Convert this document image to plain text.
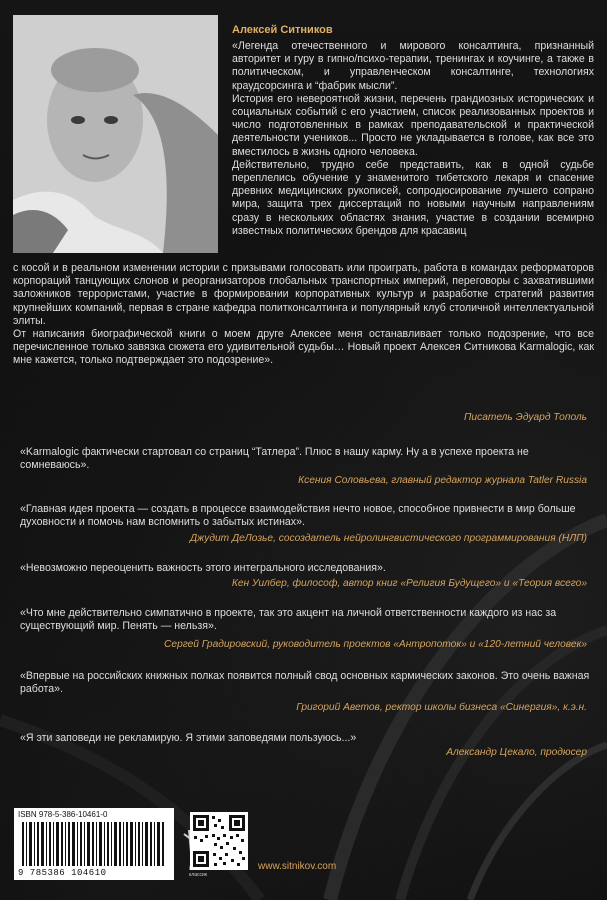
Алексей Ситников

«Легенда отечественного и мирового консалтинга, признанный авторитет и гуру в гипно/психо-терапии, тренингах и коучинге, а также в политическом, и управленческом консалтинге, технологиях краудсорсинга и “фабрик мысли”.

История его невероятной жизни, перечень грандиозных исторических и социальных событий с его участием, список реализованных проектов и число подготовленных в рамках преподавательской и практической деятельности учеников... Просто не укладывается в голове, как все это вместилось в жизнь одного человека.

Действительно, трудно себе представить, как в одной судьбе переплелись обучение у знаменитого тибетского лекаря и спасение древних медицинских рукописей, сопродюсирование лучшего сопрано мира, защита трех диссертаций по новыми научным направлениям сразу в нескольких областях знания, участие в создании всемирно известных политических брендов для красавиц

с косой и в реальном изменении истории с призывами голосовать или проиграть, работа в командах реформаторов корпораций танцующих слонов и реорганизаторов глобальных транспортных империй, переговоры с захватившими заложников террористами, участие в формировании корпоративных культур и разработке стратегий развития крупнейших компаний, первая в стране кафедра политконсалтинга и популярный клуб столичной интеллектуальной элиты.

От написания биографической книги о моем друге Алексее меня останавливает только подозрение, что все перечисленное только завязка сюжета его удивительной судьбы… Новый проект Алексея Ситникова Karmalogic, как мне кажется, только подтверждает это подозрение».

Писатель Эдуард Тополь
«Karmalogic фактически стартовал со страниц “Татлера”. Плюс в нашу карму. Ну а в успехе проекта не сомневаюсь».
Ксения Соловьева, главный редактор журнала Tatler Russia
«Главная идея проекта — создать в процессе взаимодействия нечто новое, способное привнести в мир больше духовности и помочь нам вспомнить о забытых истинах».
Джудит ДеЛозье, сосоздатель нейролингвистического программирования (НЛП)
«Невозможно переоценить важность этого интегрального исследования».
Кен Уилбер, философ, автор книг «Религия Будущего» и «Теория всего»
«Что мне действительно симпатично в проекте, так это акцент на личной ответственности каждого из нас за существующий мир. Пенять — нельзя».
Сергей Градировский, руководитель проектов «Антропоток» и «120-летний человек»
«Впервые на российских книжных полках появится полный свод основных кармических законов. Это очень важная работа».
Григорий Аветов, ректор школы бизнеса «Синергия», к.э.н.
«Я эти заповеди не рекламирую. Я этими заповедями пользуюсь...»
Александр Цекало, продюсер
ISBN 978-5-386-10461-0
9 785386 104610	классик
www.sitnikov.com
